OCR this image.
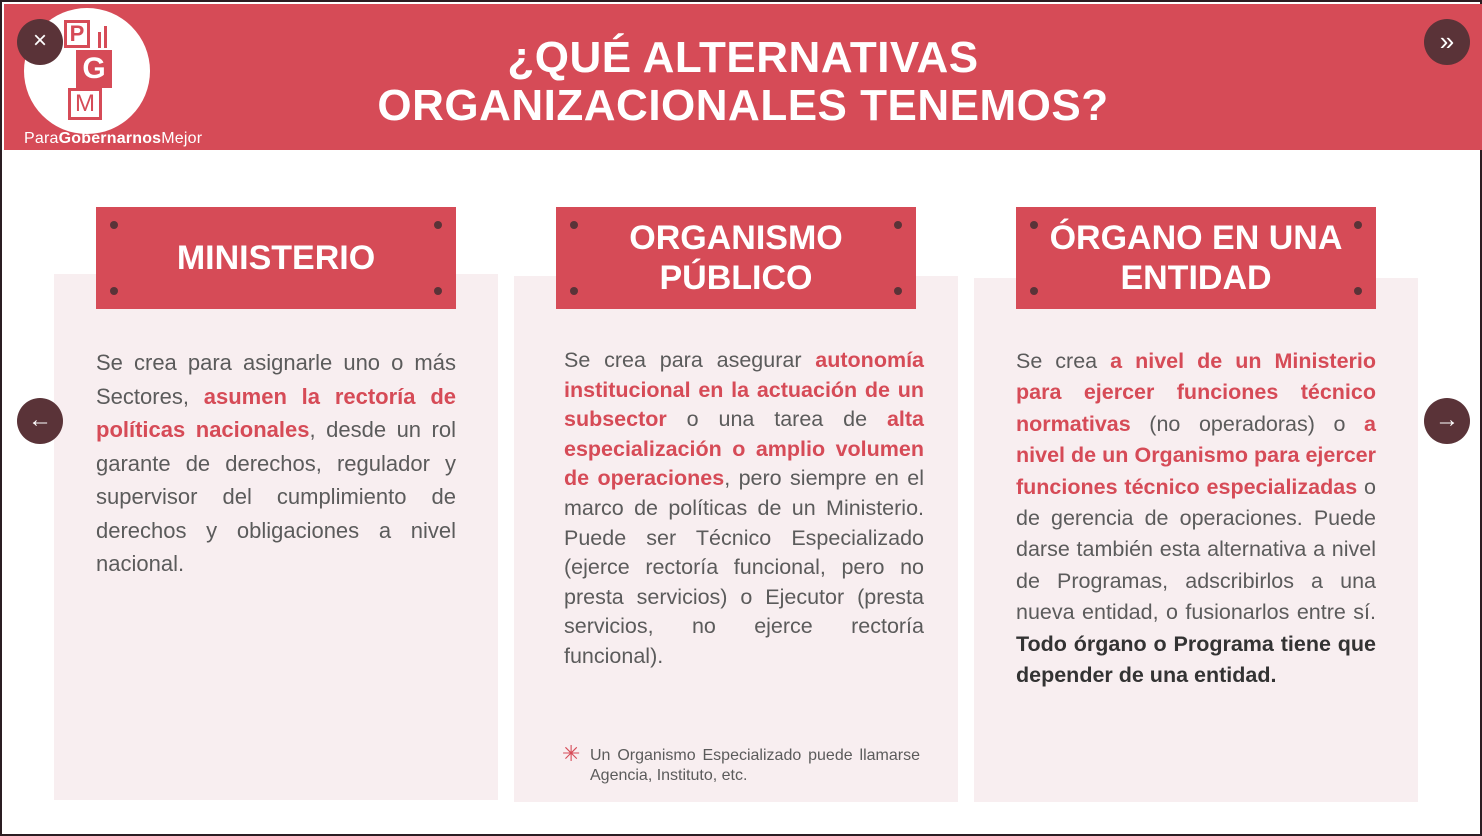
¿QUÉ ALTERNATIVAS
ORGANIZACIONALES TENEMOS?
P
G
M
ParaGobernarnosMejor
×	»
MINISTERIO
Se crea para asignarle uno o más Sectores, asumen la rectoría de políticas nacionales, desde un rol garante de derechos, regulador y supervisor del cumplimiento de derechos y obligaciones a nivel nacional.
ORGANISMO
PÚBLICO
Se crea para asegurar autonomía institucional en la actuación de un subsector o una tarea de alta especialización o amplio volumen de operaciones, pero siempre en el marco de políticas de un Ministerio. Puede ser Técnico Especializado (ejerce rectoría funcional, pero no presta servicios) o Ejecutor (presta servicios, no ejerce rectoría funcional).
✳ Un Organismo Especializado puede llamarse Agencia, Instituto, etc.
ÓRGANO EN UNA
ENTIDAD
Se crea a nivel de un Ministerio para ejercer funciones técnico normativas (no operadoras) o a nivel de un Organismo para ejercer funciones técnico especializadas o de gerencia de operaciones. Puede darse también esta alternativa a nivel de Programas, adscribirlos a una nueva entidad, o fusionarlos entre sí. Todo órgano o Programa tiene que depender de una entidad.
←	→
